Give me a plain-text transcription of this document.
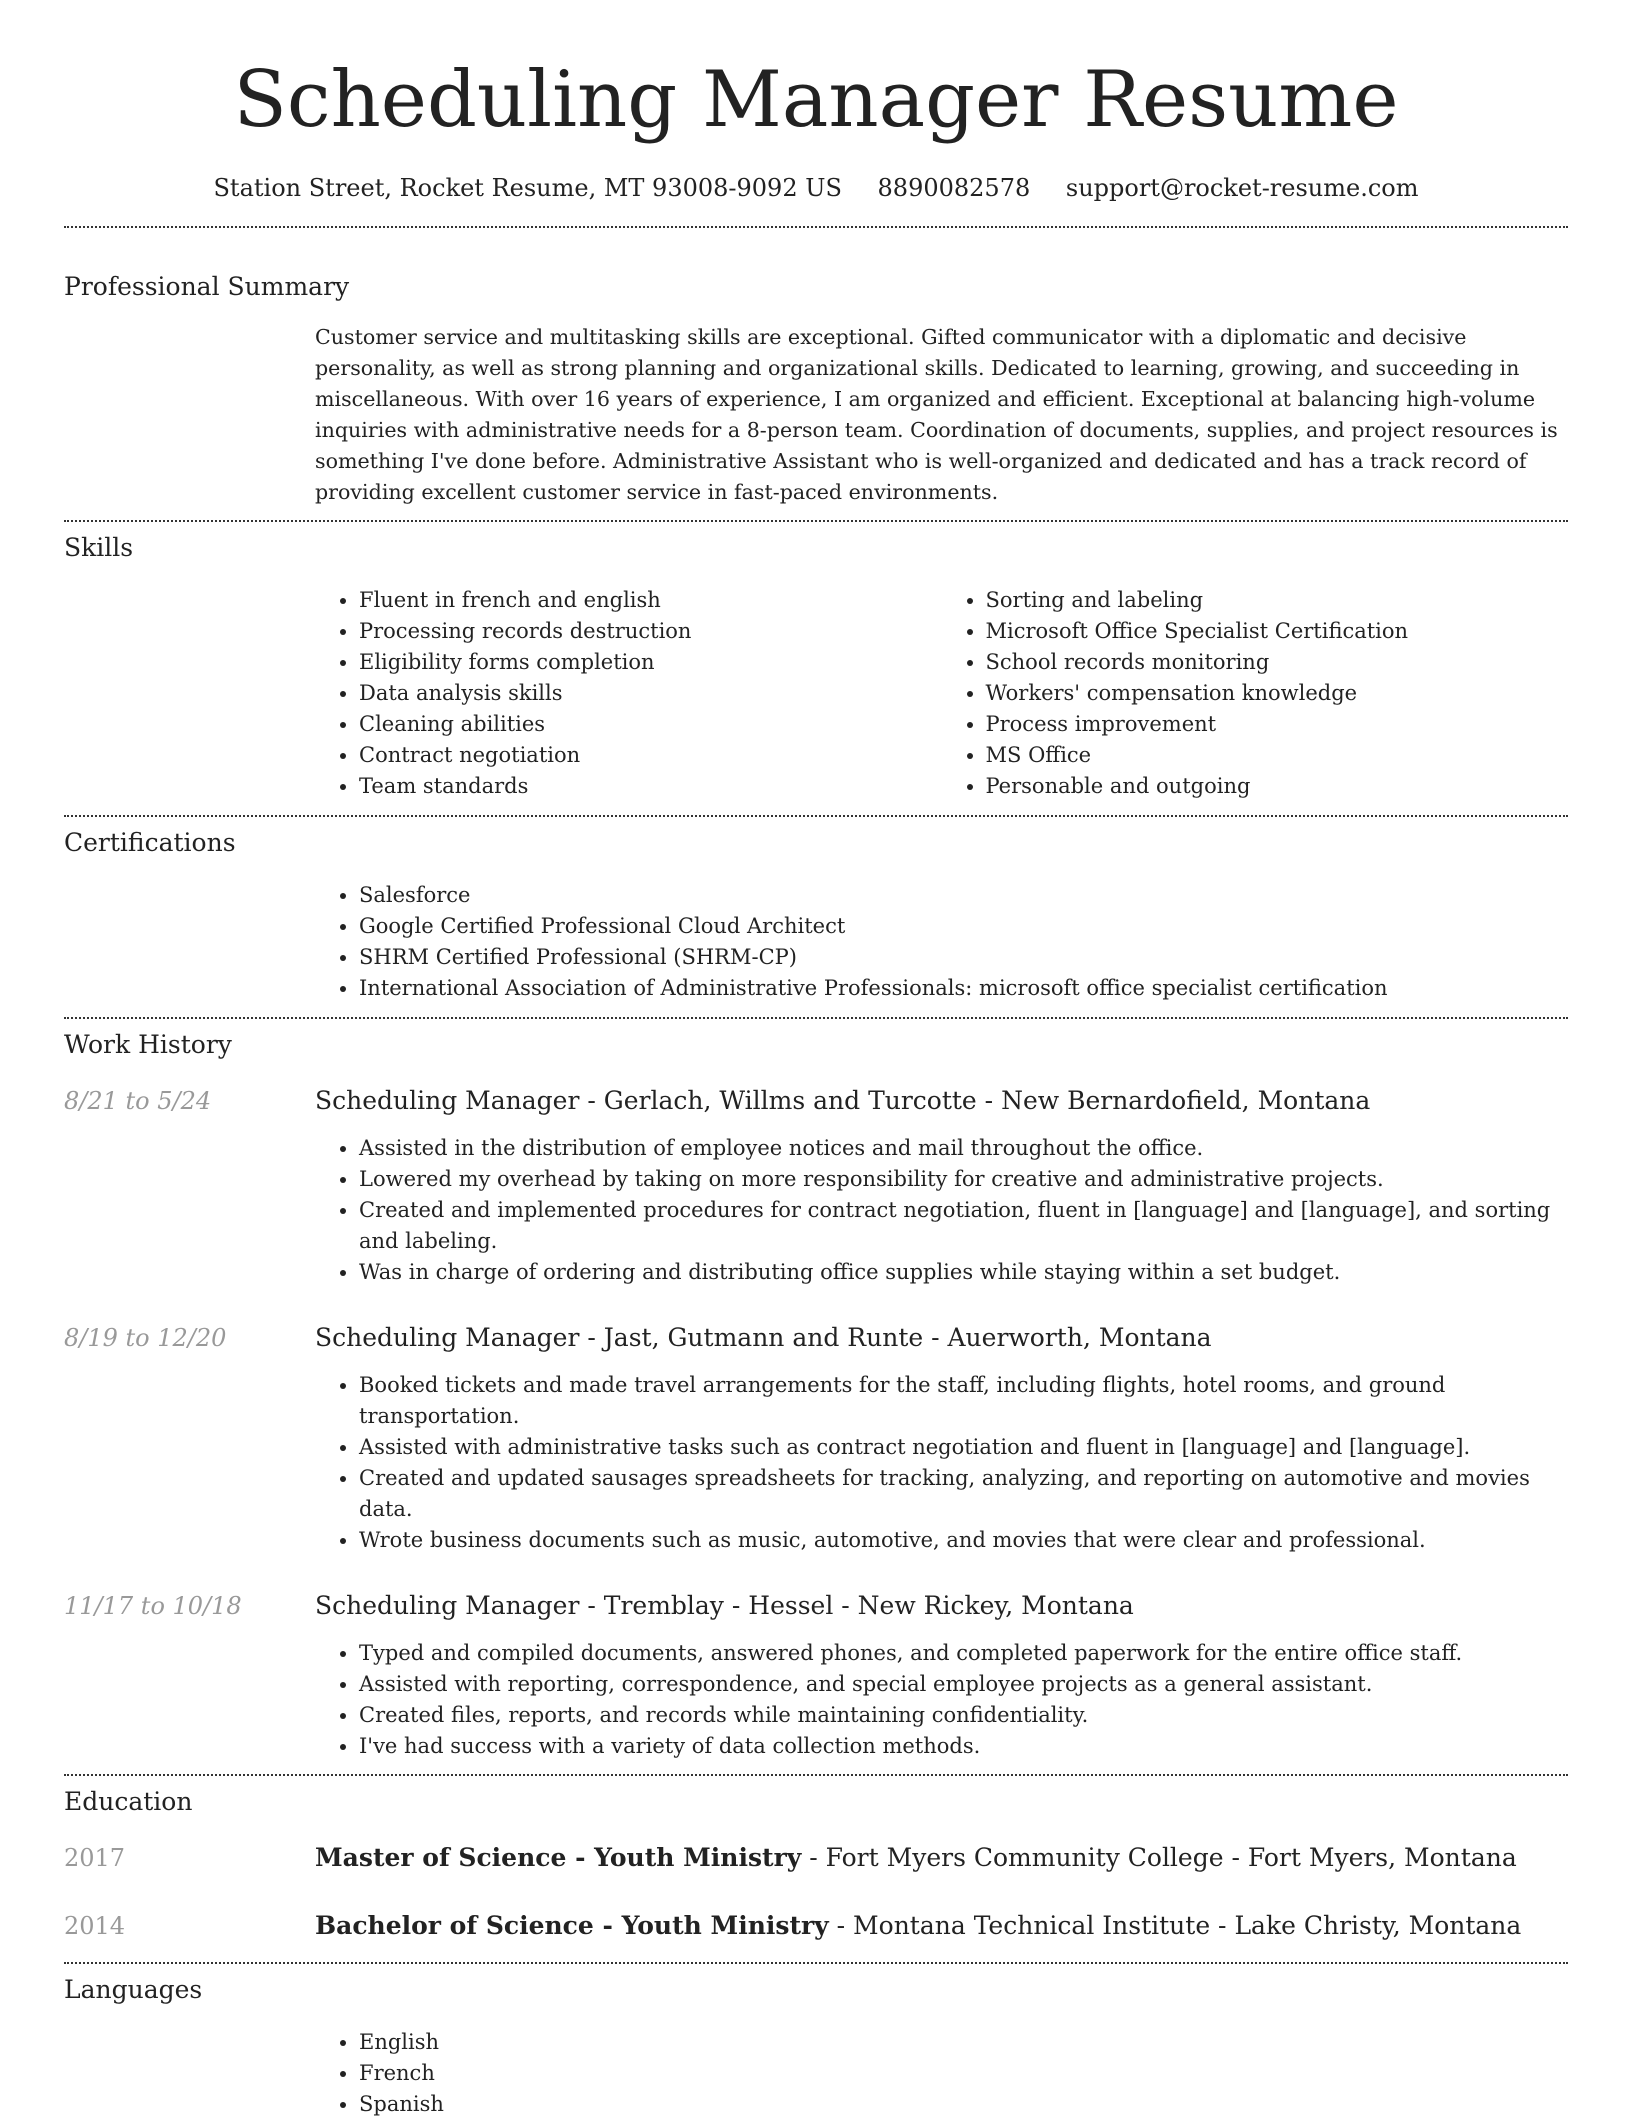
Scheduling Manager Resume
Station Street, Rocket Resume, MT 93008-9092 US 8890082578 support@rocket-resume.com
Professional Summary
Customer service and multitasking skills are exceptional. Gifted communicator with a diplomatic and decisive personality, as well as strong planning and organizational skills. Dedicated to learning, growing, and succeeding in miscellaneous. With over 16 years of experience, I am organized and efficient. Exceptional at balancing high-volume inquiries with administrative needs for a 8-person team. Coordination of documents, supplies, and project resources is something I've done before. Administrative Assistant who is well-organized and dedicated and has a track record of providing excellent customer service in fast-paced environments.
Skills
• Fluent in french and english
• Processing records destruction
• Eligibility forms completion
• Data analysis skills
• Cleaning abilities
• Contract negotiation
• Team standards
• Sorting and labeling
• Microsoft Office Specialist Certification
• School records monitoring
• Workers' compensation knowledge
• Process improvement
• MS Office
• Personable and outgoing
Certifications
• Salesforce
• Google Certified Professional Cloud Architect
• SHRM Certified Professional (SHRM-CP)
• International Association of Administrative Professionals: microsoft office specialist certification
Work History
8/21 to 5/24	Scheduling Manager - Gerlach, Willms and Turcotte - New Bernardofield, Montana
• Assisted in the distribution of employee notices and mail throughout the office.
• Lowered my overhead by taking on more responsibility for creative and administrative projects.
• Created and implemented procedures for contract negotiation, fluent in [language] and [language], and sorting and labeling.
• Was in charge of ordering and distributing office supplies while staying within a set budget.
8/19 to 12/20	Scheduling Manager - Jast, Gutmann and Runte - Auerworth, Montana
• Booked tickets and made travel arrangements for the staff, including flights, hotel rooms, and ground transportation.
• Assisted with administrative tasks such as contract negotiation and fluent in [language] and [language].
• Created and updated sausages spreadsheets for tracking, analyzing, and reporting on automotive and movies data.
• Wrote business documents such as music, automotive, and movies that were clear and professional.
11/17 to 10/18	Scheduling Manager - Tremblay - Hessel - New Rickey, Montana
• Typed and compiled documents, answered phones, and completed paperwork for the entire office staff.
• Assisted with reporting, correspondence, and special employee projects as a general assistant.
• Created files, reports, and records while maintaining confidentiality.
• I've had success with a variety of data collection methods.
Education
2017	Master of Science - Youth Ministry - Fort Myers Community College - Fort Myers, Montana
2014	Bachelor of Science - Youth Ministry - Montana Technical Institute - Lake Christy, Montana
Languages
• English
• French
• Spanish
